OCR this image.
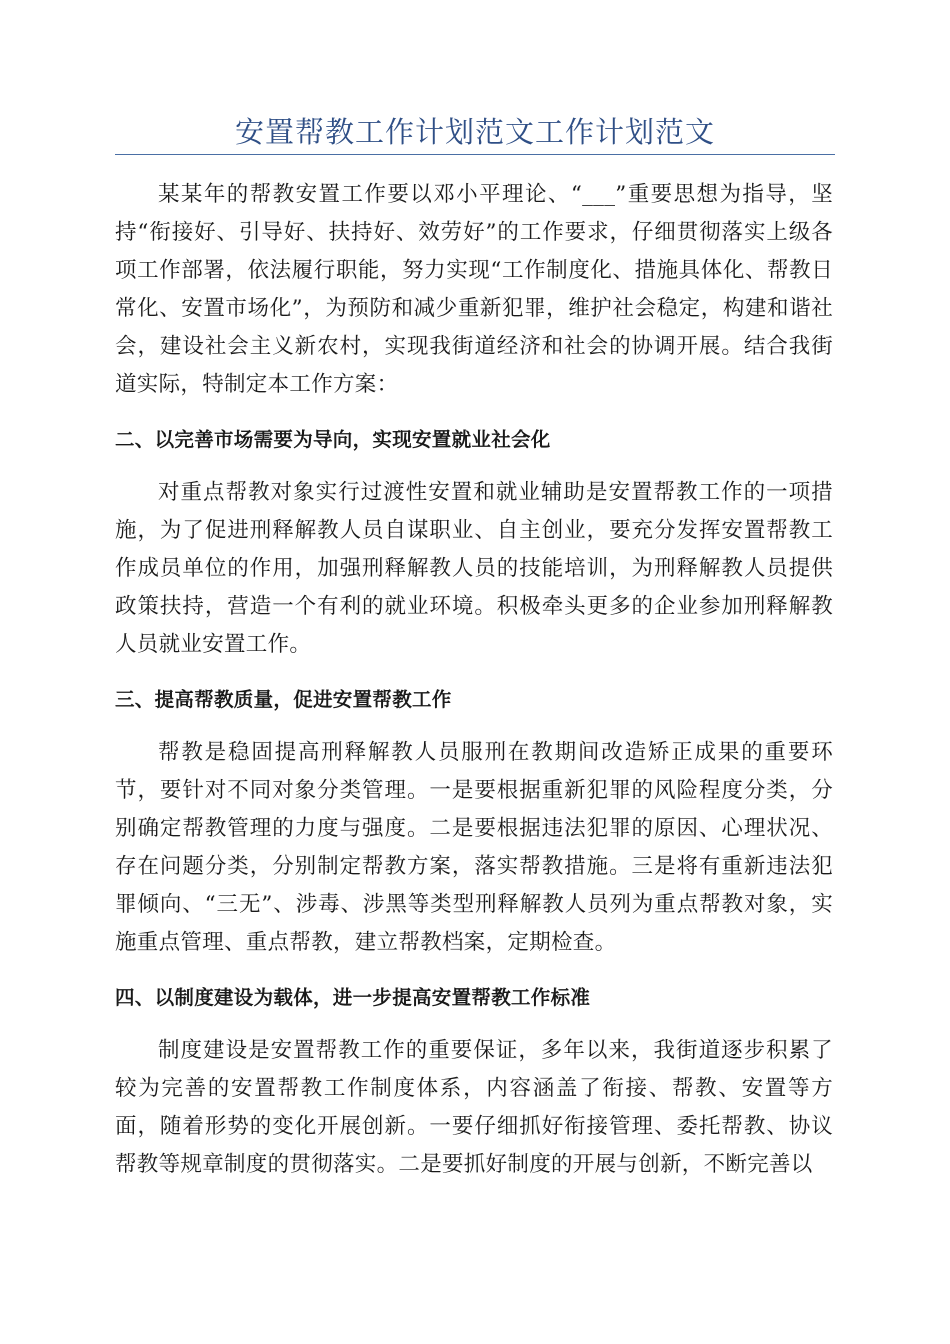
安置帮教工作计划范文工作计划范文

某某年的帮教安置工作要以邓小平理论、“___”重要思想为指导，坚持“衔接好、引导好、扶持好、效劳好”的工作要求，仔细贯彻落实上级各项工作部署，依法履行职能，努力实现“工作制度化、措施具体化、帮教日常化、安置市场化”，为预防和减少重新犯罪，维护社会稳定，构建和谐社会，建设社会主义新农村，实现我街道经济和社会的协调开展。结合我街道实际，特制定本工作方案：

二、以完善市场需要为导向，实现安置就业社会化

对重点帮教对象实行过渡性安置和就业辅助是安置帮教工作的一项措施，为了促进刑释解教人员自谋职业、自主创业，要充分发挥安置帮教工作成员单位的作用，加强刑释解教人员的技能培训，为刑释解教人员提供政策扶持，营造一个有利的就业环境。积极牵头更多的企业参加刑释解教人员就业安置工作。

三、提高帮教质量，促进安置帮教工作

帮教是稳固提高刑释解教人员服刑在教期间改造矫正成果的重要环节，要针对不同对象分类管理。一是要根据重新犯罪的风险程度分类，分别确定帮教管理的力度与强度。二是要根据违法犯罪的原因、心理状况、存在问题分类，分别制定帮教方案，落实帮教措施。三是将有重新违法犯罪倾向、“三无”、涉毒、涉黑等类型刑释解教人员列为重点帮教对象，实施重点管理、重点帮教，建立帮教档案，定期检查。

四、以制度建设为载体，进一步提高安置帮教工作标准

制度建设是安置帮教工作的重要保证，多年以来，我街道逐步积累了较为完善的安置帮教工作制度体系，内容涵盖了衔接、帮教、安置等方面，随着形势的变化开展创新。一要仔细抓好衔接管理、委托帮教、协议帮教等规章制度的贯彻落实。二是要抓好制度的开展与创新，不断完善以
